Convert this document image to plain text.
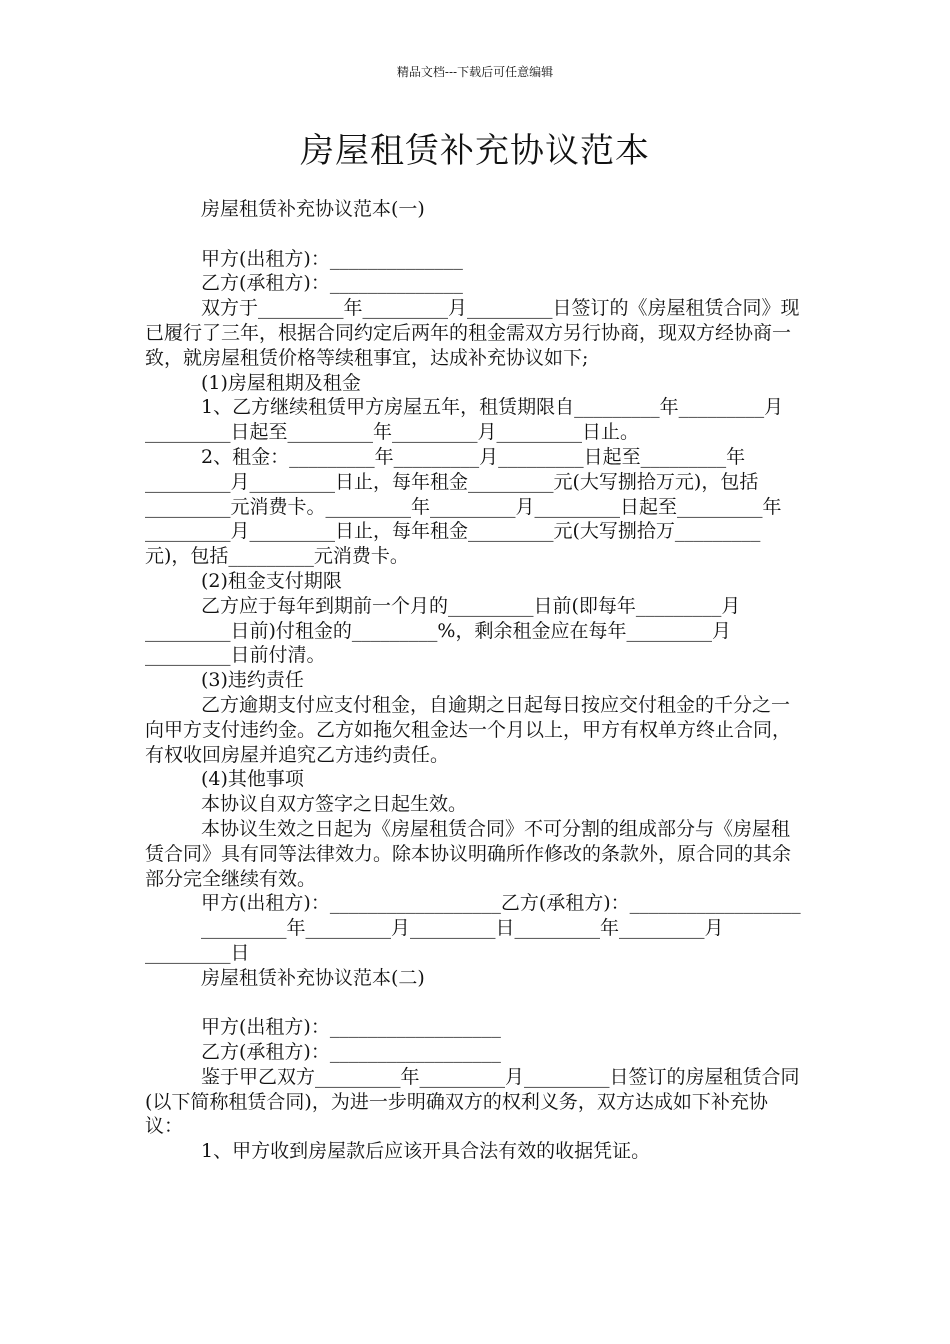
精品文档---下载后可任意编辑
房屋租赁补充协议范本

房屋租赁补充协议范本(一)

甲方(出租方)：______________

乙方(承租方)：______________

双方于_________年_________月_________日签订的《房屋租赁合同》现已履行了三年，根据合同约定后两年的租金需双方另行协商，现双方经协商一致，就房屋租赁价格等续租事宜，达成补充协议如下;

(1)房屋租期及租金

1、乙方继续租赁甲方房屋五年，租赁期限自_________年_________月_________日起至_________年_________月_________日止。

2、租金：_________年_________月_________日起至_________年_________月_________日止，每年租金_________元(大写捌拾万元)，包括_________元消费卡。_________年_________月_________日起至_________年_________月_________日止，每年租金_________元(大写捌拾万_________元)，包括_________元消费卡。

(2)租金支付期限

乙方应于每年到期前一个月的_________日前(即每年_________月_________日前)付租金的_________%，剩余租金应在每年_________月_________日前付清。

(3)违约责任

乙方逾期支付应支付租金，自逾期之日起每日按应交付租金的千分之一向甲方支付违约金。乙方如拖欠租金达一个月以上，甲方有权单方终止合同，有权收回房屋并追究乙方违约责任。

(4)其他事项

本协议自双方签字之日起生效。

本协议生效之日起为《房屋租赁合同》不可分割的组成部分与《房屋租赁合同》具有同等法律效力。除本协议明确所作修改的条款外，原合同的其余部分完全继续有效。

甲方(出租方)：__________________乙方(承租方)：__________________

_________年_________月_________日_________年_________月_________日

房屋租赁补充协议范本(二)

甲方(出租方)：__________________

乙方(承租方)：__________________

鉴于甲乙双方_________年_________月_________日签订的房屋租赁合同(以下简称租赁合同)，为进一步明确双方的权利义务，双方达成如下补充协议：

1、甲方收到房屋款后应该开具合法有效的收据凭证。
